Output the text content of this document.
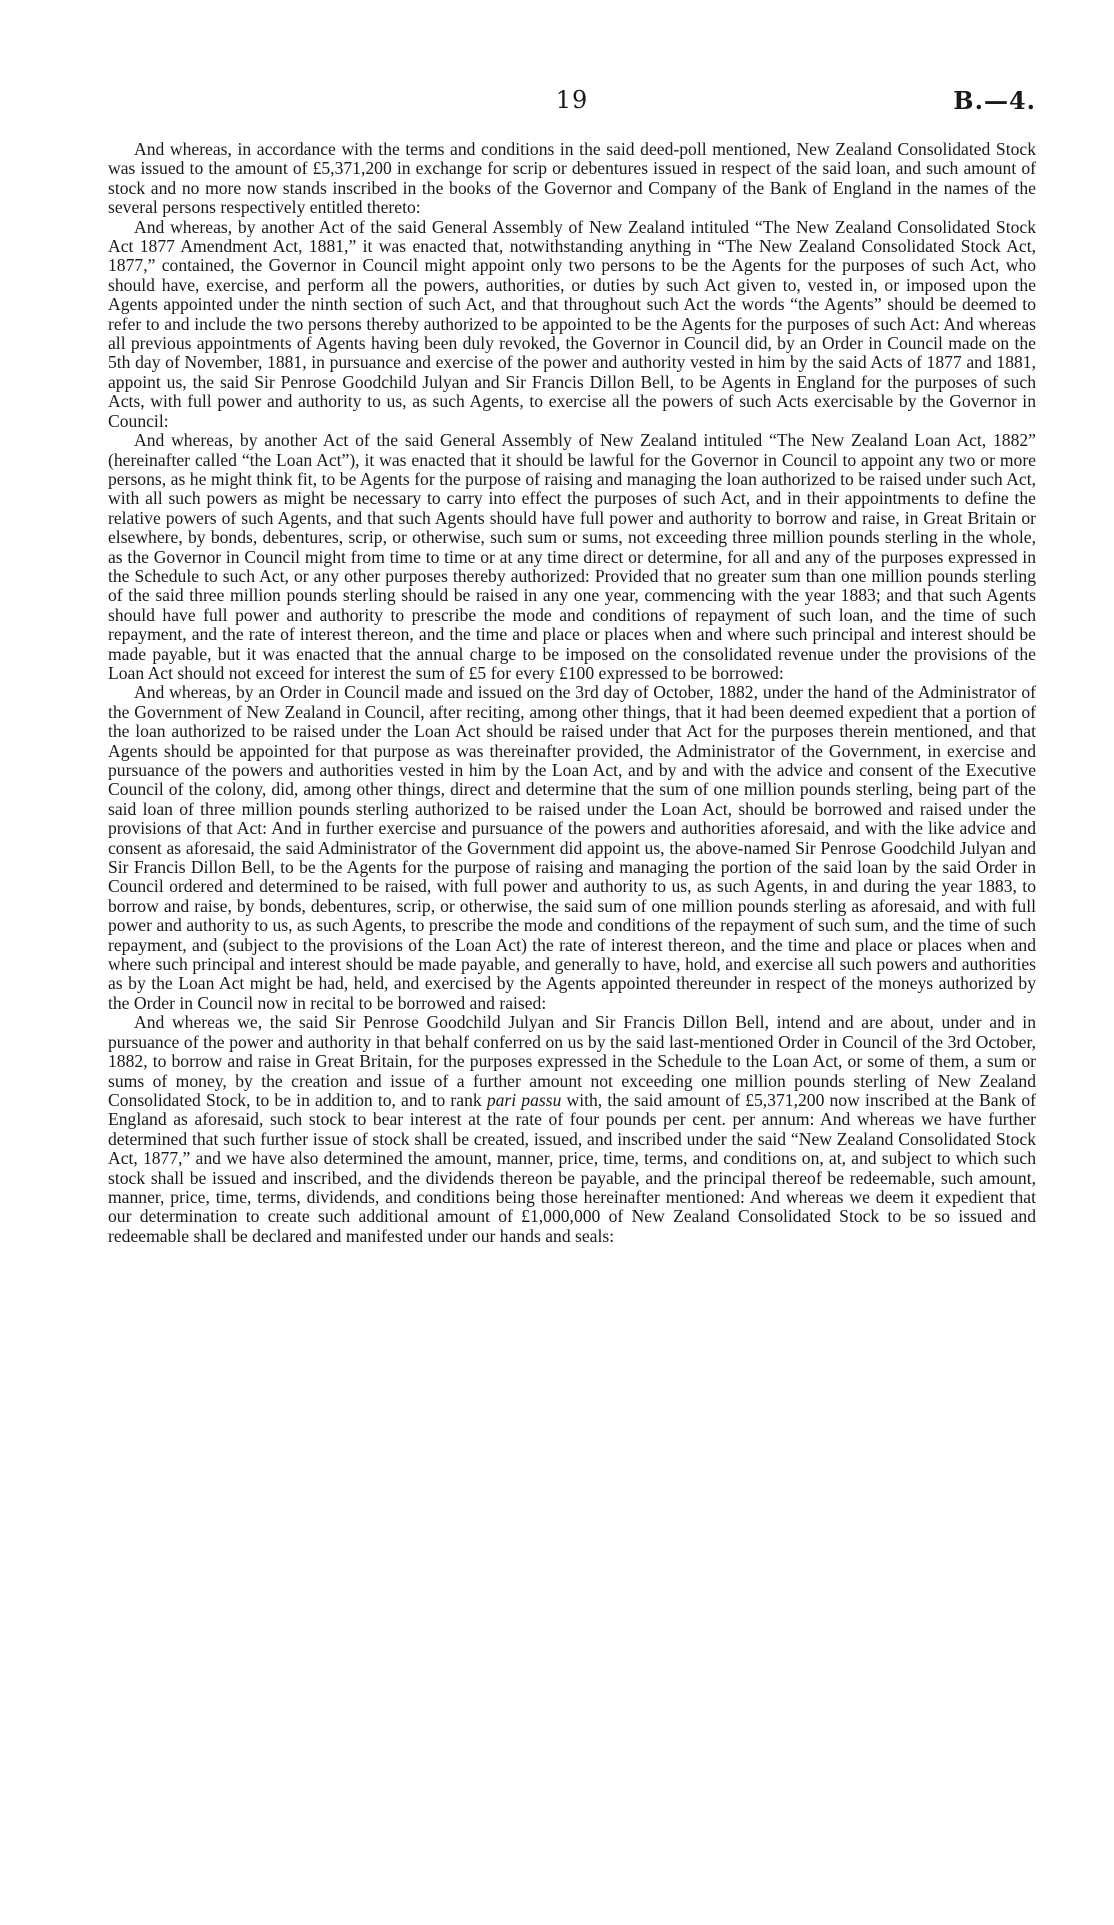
19	B.—4.

And whereas, in accordance with the terms and conditions in the said deed-poll mentioned, New Zealand Consolidated Stock was issued to the amount of £5,371,200 in exchange for scrip or debentures issued in respect of the said loan, and such amount of stock and no more now stands inscribed in the books of the Governor and Company of the Bank of England in the names of the several persons respectively entitled thereto:

And whereas, by another Act of the said General Assembly of New Zealand intituled “The New Zealand Consolidated Stock Act 1877 Amendment Act, 1881,” it was enacted that, notwithstanding anything in “The New Zealand Consolidated Stock Act, 1877,” contained, the Governor in Council might appoint only two persons to be the Agents for the purposes of such Act, who should have, exercise, and perform all the powers, authorities, or duties by such Act given to, vested in, or imposed upon the Agents appointed under the ninth section of such Act, and that throughout such Act the words “the Agents” should be deemed to refer to and include the two persons thereby authorized to be appointed to be the Agents for the purposes of such Act: And whereas all previous appointments of Agents having been duly revoked, the Governor in Council did, by an Order in Council made on the 5th day of November, 1881, in pursuance and exercise of the power and authority vested in him by the said Acts of 1877 and 1881, appoint us, the said Sir Penrose Goodchild Julyan and Sir Francis Dillon Bell, to be Agents in England for the purposes of such Acts, with full power and authority to us, as such Agents, to exercise all the powers of such Acts exercisable by the Governor in Council:

And whereas, by another Act of the said General Assembly of New Zealand intituled “The New Zealand Loan Act, 1882” (hereinafter called “the Loan Act”), it was enacted that it should be lawful for the Governor in Council to appoint any two or more persons, as he might think fit, to be Agents for the purpose of raising and managing the loan authorized to be raised under such Act, with all such powers as might be necessary to carry into effect the purposes of such Act, and in their appointments to define the relative powers of such Agents, and that such Agents should have full power and authority to borrow and raise, in Great Britain or elsewhere, by bonds, debentures, scrip, or otherwise, such sum or sums, not exceeding three million pounds sterling in the whole, as the Governor in Council might from time to time or at any time direct or determine, for all and any of the purposes expressed in the Schedule to such Act, or any other purposes thereby authorized: Provided that no greater sum than one million pounds sterling of the said three million pounds sterling should be raised in any one year, commencing with the year 1883; and that such Agents should have full power and authority to prescribe the mode and conditions of repayment of such loan, and the time of such repayment, and the rate of interest thereon, and the time and place or places when and where such principal and interest should be made payable, but it was enacted that the annual charge to be imposed on the consolidated revenue under the provisions of the Loan Act should not exceed for interest the sum of £5 for every £100 expressed to be borrowed:

And whereas, by an Order in Council made and issued on the 3rd day of October, 1882, under the hand of the Administrator of the Government of New Zealand in Council, after reciting, among other things, that it had been deemed expedient that a portion of the loan authorized to be raised under the Loan Act should be raised under that Act for the purposes therein mentioned, and that Agents should be appointed for that purpose as was thereinafter provided, the Administrator of the Government, in exercise and pursuance of the powers and authorities vested in him by the Loan Act, and by and with the advice and consent of the Executive Council of the colony, did, among other things, direct and determine that the sum of one million pounds sterling, being part of the said loan of three million pounds sterling authorized to be raised under the Loan Act, should be borrowed and raised under the provisions of that Act: And in further exercise and pursuance of the powers and authorities aforesaid, and with the like advice and consent as aforesaid, the said Administrator of the Government did appoint us, the above-named Sir Penrose Goodchild Julyan and Sir Francis Dillon Bell, to be the Agents for the purpose of raising and managing the portion of the said loan by the said Order in Council ordered and determined to be raised, with full power and authority to us, as such Agents, in and during the year 1883, to borrow and raise, by bonds, debentures, scrip, or otherwise, the said sum of one million pounds sterling as aforesaid, and with full power and authority to us, as such Agents, to prescribe the mode and conditions of the repayment of such sum, and the time of such repayment, and (subject to the provisions of the Loan Act) the rate of interest thereon, and the time and place or places when and where such principal and interest should be made payable, and generally to have, hold, and exercise all such powers and authorities as by the Loan Act might be had, held, and exercised by the Agents appointed thereunder in respect of the moneys authorized by the Order in Council now in recital to be borrowed and raised:

And whereas we, the said Sir Penrose Goodchild Julyan and Sir Francis Dillon Bell, intend and are about, under and in pursuance of the power and authority in that behalf conferred on us by the said last-mentioned Order in Council of the 3rd October, 1882, to borrow and raise in Great Britain, for the purposes expressed in the Schedule to the Loan Act, or some of them, a sum or sums of money, by the creation and issue of a further amount not exceeding one million pounds sterling of New Zealand Consolidated Stock, to be in addition to, and to rank pari passu with, the said amount of £5,371,200 now inscribed at the Bank of England as aforesaid, such stock to bear interest at the rate of four pounds per cent. per annum: And whereas we have further determined that such further issue of stock shall be created, issued, and inscribed under the said “New Zealand Consolidated Stock Act, 1877,” and we have also determined the amount, manner, price, time, terms, and conditions on, at, and subject to which such stock shall be issued and inscribed, and the dividends thereon be payable, and the principal thereof be redeemable, such amount, manner, price, time, terms, dividends, and conditions being those hereinafter mentioned: And whereas we deem it expedient that our determination to create such additional amount of £1,000,000 of New Zealand Consolidated Stock to be so issued and redeemable shall be declared and manifested under our hands and seals:
